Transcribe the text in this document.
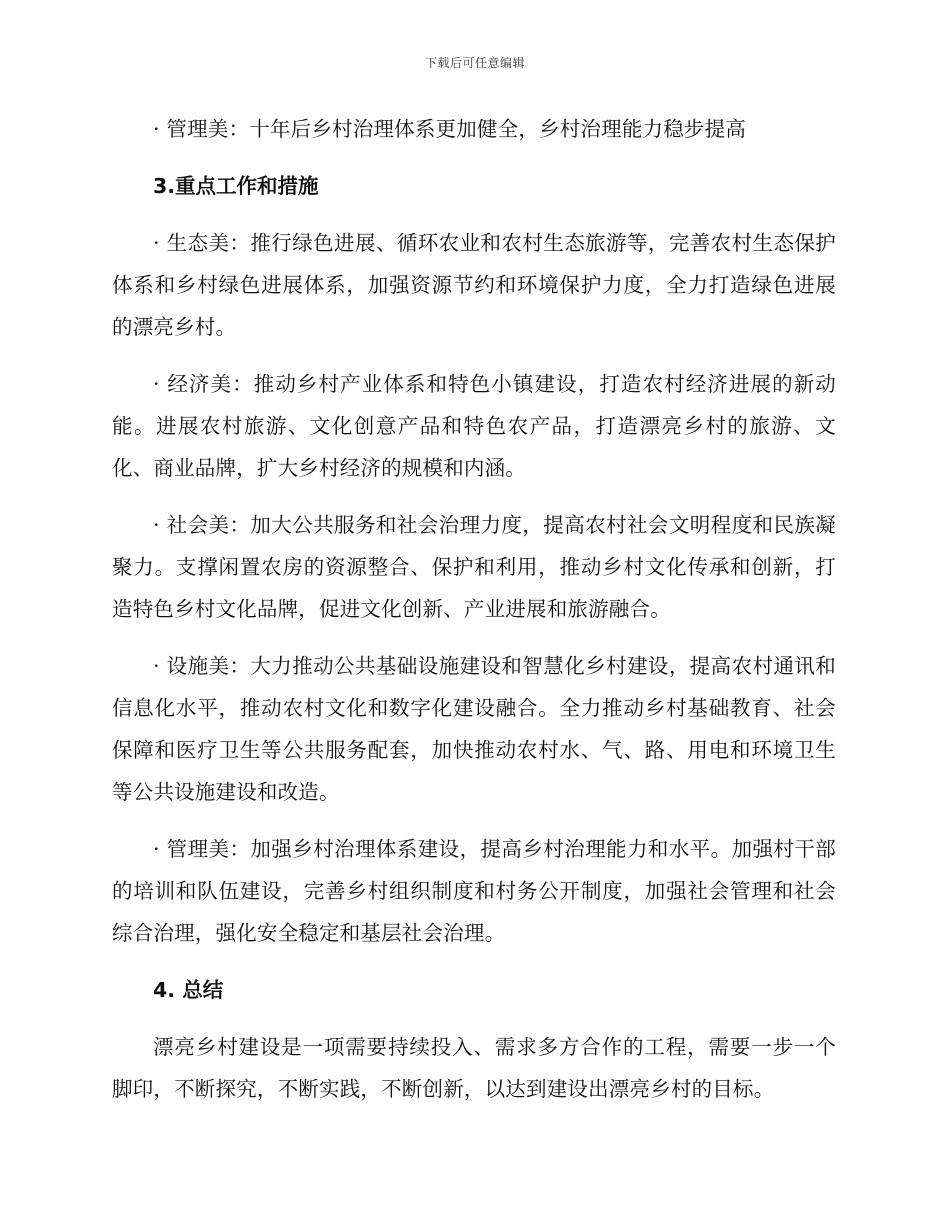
下载后可任意编辑

· 管理美：十年后乡村治理体系更加健全，乡村治理能力稳步提高

3.重点工作和措施

· 生态美：推行绿色进展、循环农业和农村生态旅游等，完善农村生态保护体系和乡村绿色进展体系，加强资源节约和环境保护力度，全力打造绿色进展的漂亮乡村。

· 经济美：推动乡村产业体系和特色小镇建设，打造农村经济进展的新动能。进展农村旅游、文化创意产品和特色农产品，打造漂亮乡村的旅游、文化、商业品牌，扩大乡村经济的规模和内涵。

· 社会美：加大公共服务和社会治理力度，提高农村社会文明程度和民族凝聚力。支撑闲置农房的资源整合、保护和利用，推动乡村文化传承和创新，打造特色乡村文化品牌，促进文化创新、产业进展和旅游融合。

· 设施美：大力推动公共基础设施建设和智慧化乡村建设，提高农村通讯和信息化水平，推动农村文化和数字化建设融合。全力推动乡村基础教育、社会保障和医疗卫生等公共服务配套，加快推动农村水、气、路、用电和环境卫生等公共设施建设和改造。

· 管理美：加强乡村治理体系建设，提高乡村治理能力和水平。加强村干部的培训和队伍建设，完善乡村组织制度和村务公开制度，加强社会管理和社会综合治理，强化安全稳定和基层社会治理。

4. 总结

漂亮乡村建设是一项需要持续投入、需求多方合作的工程，需要一步一个脚印，不断探究，不断实践，不断创新，以达到建设出漂亮乡村的目标。
